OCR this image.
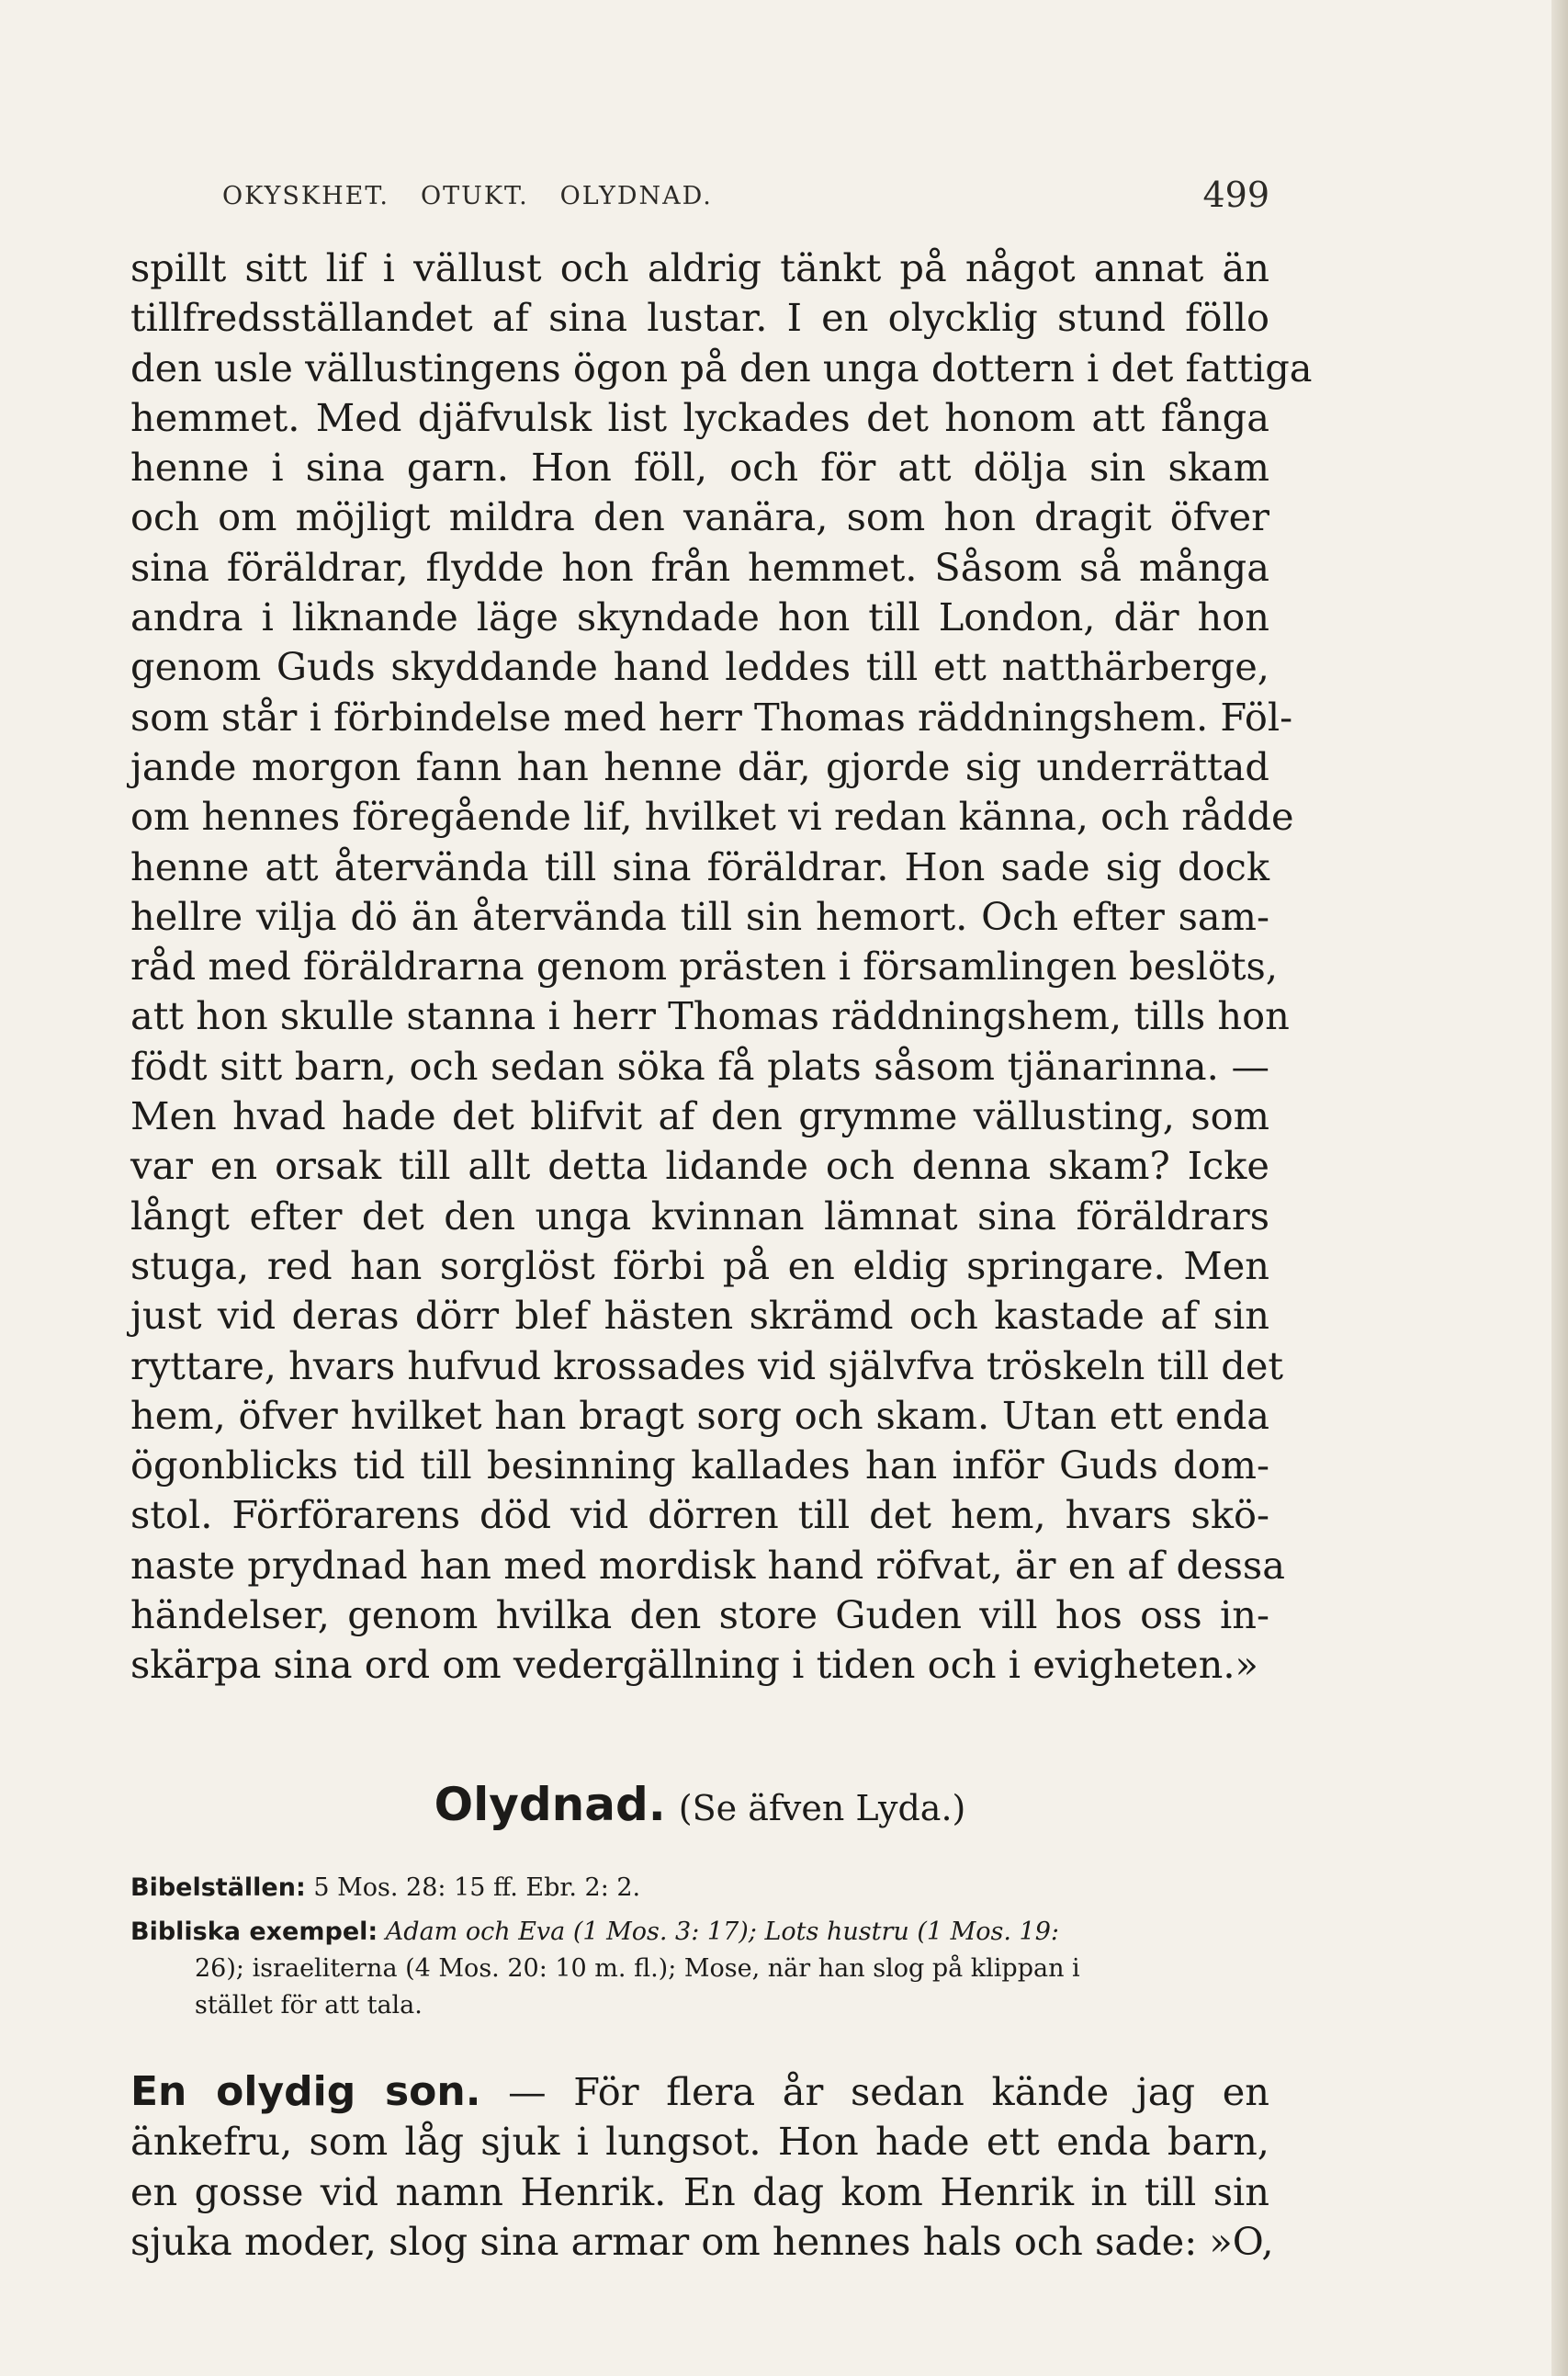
OKYSKHET. OTUKT. OLYDNAD.	499
spillt sitt lif i vällust och aldrig tänkt på något annat än
tillfredsställandet af sina lustar. I en olycklig stund föllo
den usle vällustingens ögon på den unga dottern i det fattiga
hemmet. Med djäfvulsk list lyckades det honom att fånga
henne i sina garn. Hon föll, och för att dölja sin skam
och om möjligt mildra den vanära, som hon dragit öfver
sina föräldrar, flydde hon från hemmet. Såsom så många
andra i liknande läge skyndade hon till London, där hon
genom Guds skyddande hand leddes till ett natthärberge,
som står i förbindelse med herr Thomas räddningshem. Föl-
jande morgon fann han henne där, gjorde sig underrättad
om hennes föregående lif, hvilket vi redan känna, och rådde
henne att återvända till sina föräldrar. Hon sade sig dock
hellre vilja dö än återvända till sin hemort. Och efter sam-
råd med föräldrarna genom prästen i församlingen beslöts,
att hon skulle stanna i herr Thomas räddningshem, tills hon
födt sitt barn, och sedan söka få plats såsom tjänarinna. —
Men hvad hade det blifvit af den grymme vällusting, som
var en orsak till allt detta lidande och denna skam? Icke
långt efter det den unga kvinnan lämnat sina föräldrars
stuga, red han sorglöst förbi på en eldig springare. Men
just vid deras dörr blef hästen skrämd och kastade af sin
ryttare, hvars hufvud krossades vid självfva tröskeln till det
hem, öfver hvilket han bragt sorg och skam. Utan ett enda
ögonblicks tid till besinning kallades han inför Guds dom-
stol. Förförarens död vid dörren till det hem, hvars skö-
naste prydnad han med mordisk hand röfvat, är en af dessa
händelser, genom hvilka den store Guden vill hos oss in-
skärpa sina ord om vedergällning i tiden och i evigheten.»
Olydnad. (Se äfven Lyda.)
Bibelställen: 5 Mos. 28: 15 ff. Ebr. 2: 2.
Bibliska exempel: Adam och Eva (1 Mos. 3: 17); Lots hustru (1 Mos. 19:
26); israeliterna (4 Mos. 20: 10 m. fl.); Mose, när han slog på klippan i
stället för att tala.
En olydig son. — För flera år sedan kände jag en
änkefru, som låg sjuk i lungsot. Hon hade ett enda barn,
en gosse vid namn Henrik. En dag kom Henrik in till sin
sjuka moder, slog sina armar om hennes hals och sade: »O,
